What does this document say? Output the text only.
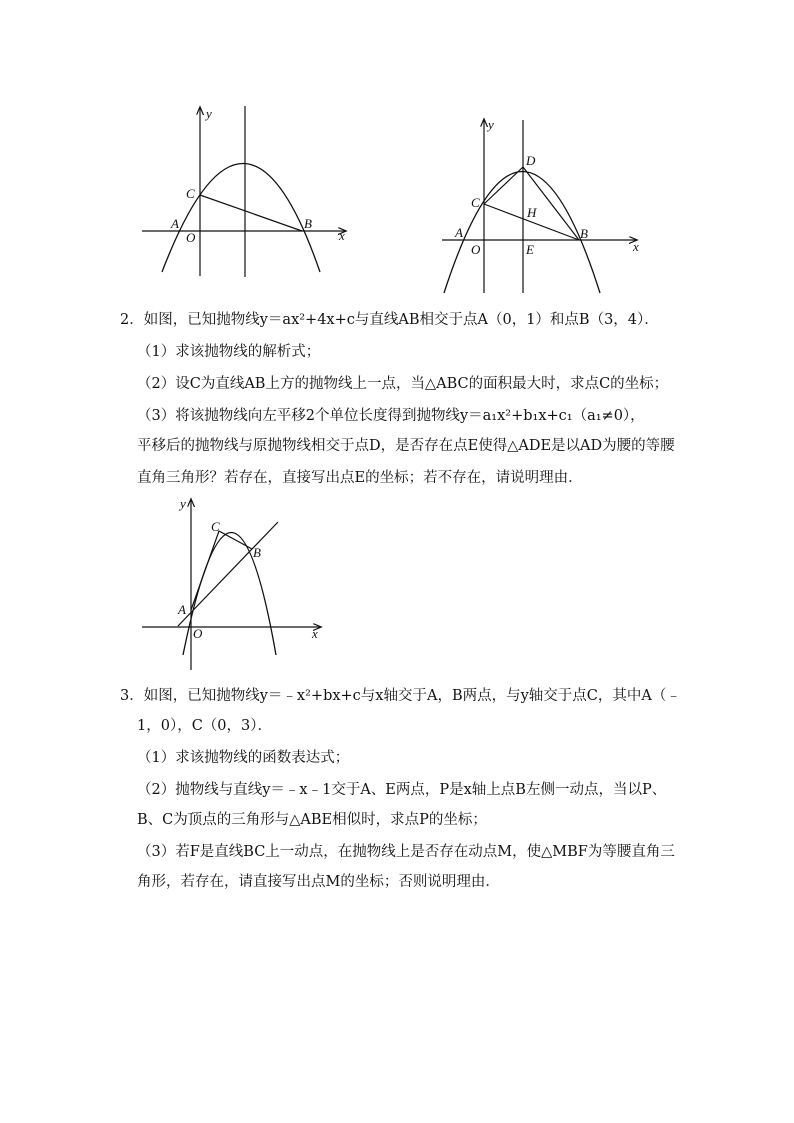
y
x
C
A
O
B
y
x
D
C
H
A
O	E
B
2．如图，已知抛物线y＝ax²+4x+c与直线AB相交于点A（0，1）和点B（3，4）．
（1）求该抛物线的解析式；
（2）设C为直线AB上方的抛物线上一点，当△ABC的面积最大时，求点C的坐标；
（3）将该抛物线向左平移2个单位长度得到抛物线y＝a₁x²+b₁x+c₁（a₁≠0），
平移后的抛物线与原抛物线相交于点D，是否存在点E使得△ADE是以AD为腰的等腰
直角三角形？若存在，直接写出点E的坐标；若不存在，请说明理由．
y
x
C
B
A
O
3．如图，已知抛物线y＝﹣x²+bx+c与x轴交于A，B两点，与y轴交于点C，其中A（﹣
1，0），C（0，3）．
（1）求该抛物线的函数表达式；
（2）抛物线与直线y＝﹣x﹣1交于A、E两点，P是x轴上点B左侧一动点，当以P、
B、C为顶点的三角形与△ABE相似时，求点P的坐标；
（3）若F是直线BC上一动点，在抛物线上是否存在动点M，使△MBF为等腰直角三
角形，若存在，请直接写出点M的坐标；否则说明理由．
